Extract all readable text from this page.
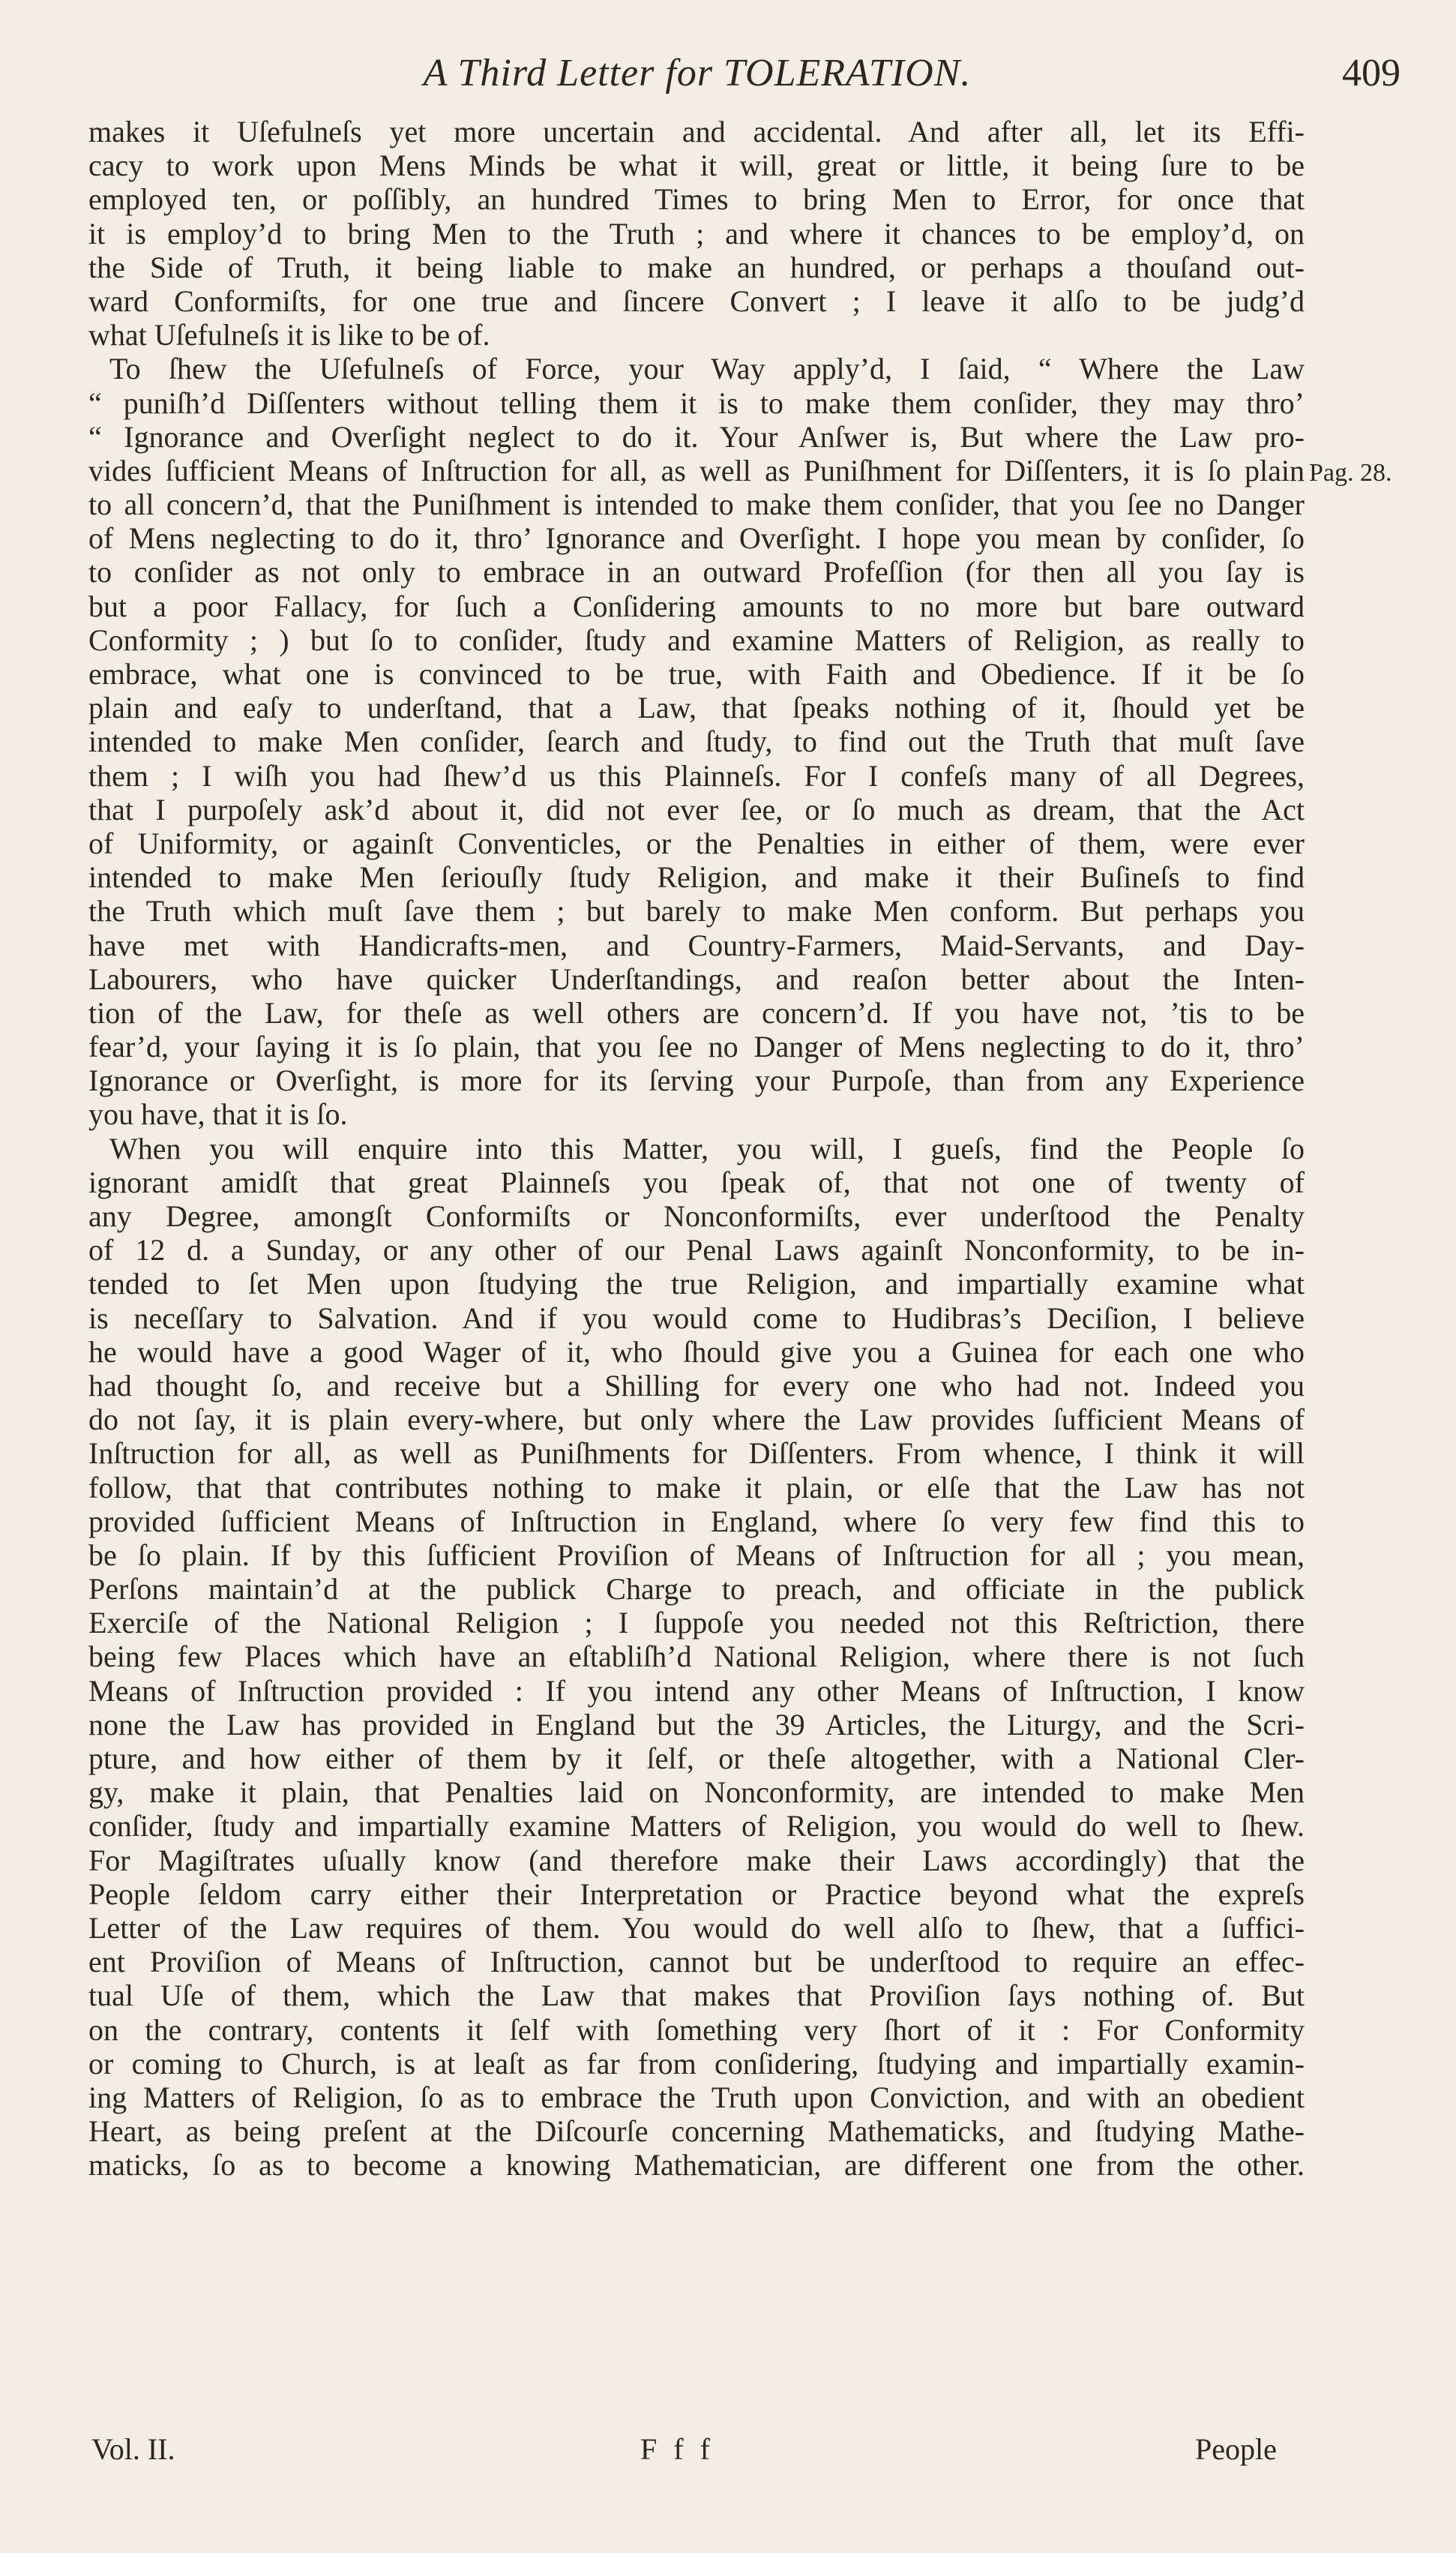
A Third Letter for TOLERATION.	409
Pag. 28.
makes it Uſefulneſs yet more uncertain and accidental. And after all, let its Effi-
cacy to work upon Mens Minds be what it will, great or little, it being ſure to be
employed ten, or poſſibly, an hundred Times to bring Men to Error, for once that
it is employ’d to bring Men to the Truth ; and where it chances to be employ’d, on
the Side of Truth, it being liable to make an hundred, or perhaps a thouſand out-
ward Conformiſts, for one true and ſincere Convert ; I leave it alſo to be judg’d
what Uſefulneſs it is like to be of.
To ſhew the Uſefulneſs of Force, your Way apply’d, I ſaid, “ Where the Law
“ puniſh’d Diſſenters without telling them it is to make them conſider, they may thro’
“ Ignorance and Overſight neglect to do it. Your Anſwer is, But where the Law pro-
vides ſufficient Means of Inſtruction for all, as well as Puniſhment for Diſſenters, it is ſo plain
to all concern’d, that the Puniſhment is intended to make them conſider, that you ſee no Danger
of Mens neglecting to do it, thro’ Ignorance and Overſight. I hope you mean by conſider, ſo
to conſider as not only to embrace in an outward Profeſſion (for then all you ſay is
but a poor Fallacy, for ſuch a Conſidering amounts to no more but bare outward
Conformity ; ) but ſo to conſider, ſtudy and examine Matters of Religion, as really to
embrace, what one is convinced to be true, with Faith and Obedience. If it be ſo
plain and eaſy to underſtand, that a Law, that ſpeaks nothing of it, ſhould yet be
intended to make Men conſider, ſearch and ſtudy, to find out the Truth that muſt ſave
them ; I wiſh you had ſhew’d us this Plainneſs. For I confeſs many of all Degrees,
that I purpoſely ask’d about it, did not ever ſee, or ſo much as dream, that the Act
of Uniformity, or againſt Conventicles, or the Penalties in either of them, were ever
intended to make Men ſeriouſly ſtudy Religion, and make it their Buſineſs to find
the Truth which muſt ſave them ; but barely to make Men conform. But perhaps you
have met with Handicrafts-men, and Country-Farmers, Maid-Servants, and Day-
Labourers, who have quicker Underſtandings, and reaſon better about the Inten-
tion of the Law, for theſe as well others are concern’d. If you have not, ’tis to be
fear’d, your ſaying it is ſo plain, that you ſee no Danger of Mens neglecting to do it, thro’
Ignorance or Overſight, is more for its ſerving your Purpoſe, than from any Experience
you have, that it is ſo.
When you will enquire into this Matter, you will, I gueſs, find the People ſo
ignorant amidſt that great Plainneſs you ſpeak of, that not one of twenty of
any Degree, amongſt Conformiſts or Nonconformiſts, ever underſtood the Penalty
of 12 d. a Sunday, or any other of our Penal Laws againſt Nonconformity, to be in-
tended to ſet Men upon ſtudying the true Religion, and impartially examine what
is neceſſary to Salvation. And if you would come to Hudibras’s Deciſion, I believe
he would have a good Wager of it, who ſhould give you a Guinea for each one who
had thought ſo, and receive but a Shilling for every one who had not. Indeed you
do not ſay, it is plain every-where, but only where the Law provides ſufficient Means of
Inſtruction for all, as well as Puniſhments for Diſſenters. From whence, I think it will
follow, that that contributes nothing to make it plain, or elſe that the Law has not
provided ſufficient Means of Inſtruction in England, where ſo very few find this to
be ſo plain. If by this ſufficient Proviſion of Means of Inſtruction for all ; you mean,
Perſons maintain’d at the publick Charge to preach, and officiate in the publick
Exerciſe of the National Religion ; I ſuppoſe you needed not this Reſtriction, there
being few Places which have an eſtabliſh’d National Religion, where there is not ſuch
Means of Inſtruction provided : If you intend any other Means of Inſtruction, I know
none the Law has provided in England but the 39 Articles, the Liturgy, and the Scri-
pture, and how either of them by it ſelf, or theſe altogether, with a National Cler-
gy, make it plain, that Penalties laid on Nonconformity, are intended to make Men
conſider, ſtudy and impartially examine Matters of Religion, you would do well to ſhew.
For Magiſtrates uſually know (and therefore make their Laws accordingly) that the
People ſeldom carry either their Interpretation or Practice beyond what the expreſs
Letter of the Law requires of them. You would do well alſo to ſhew, that a ſuffici-
ent Proviſion of Means of Inſtruction, cannot but be underſtood to require an effec-
tual Uſe of them, which the Law that makes that Proviſion ſays nothing of. But
on the contrary, contents it ſelf with ſomething very ſhort of it : For Conformity
or coming to Church, is at leaſt as far from conſidering, ſtudying and impartially examin-
ing Matters of Religion, ſo as to embrace the Truth upon Conviction, and with an obedient
Heart, as being preſent at the Diſcourſe concerning Mathematicks, and ſtudying Mathe-
maticks, ſo as to become a knowing Mathematician, are different one from the other.
Vol. II.	F f f	People
